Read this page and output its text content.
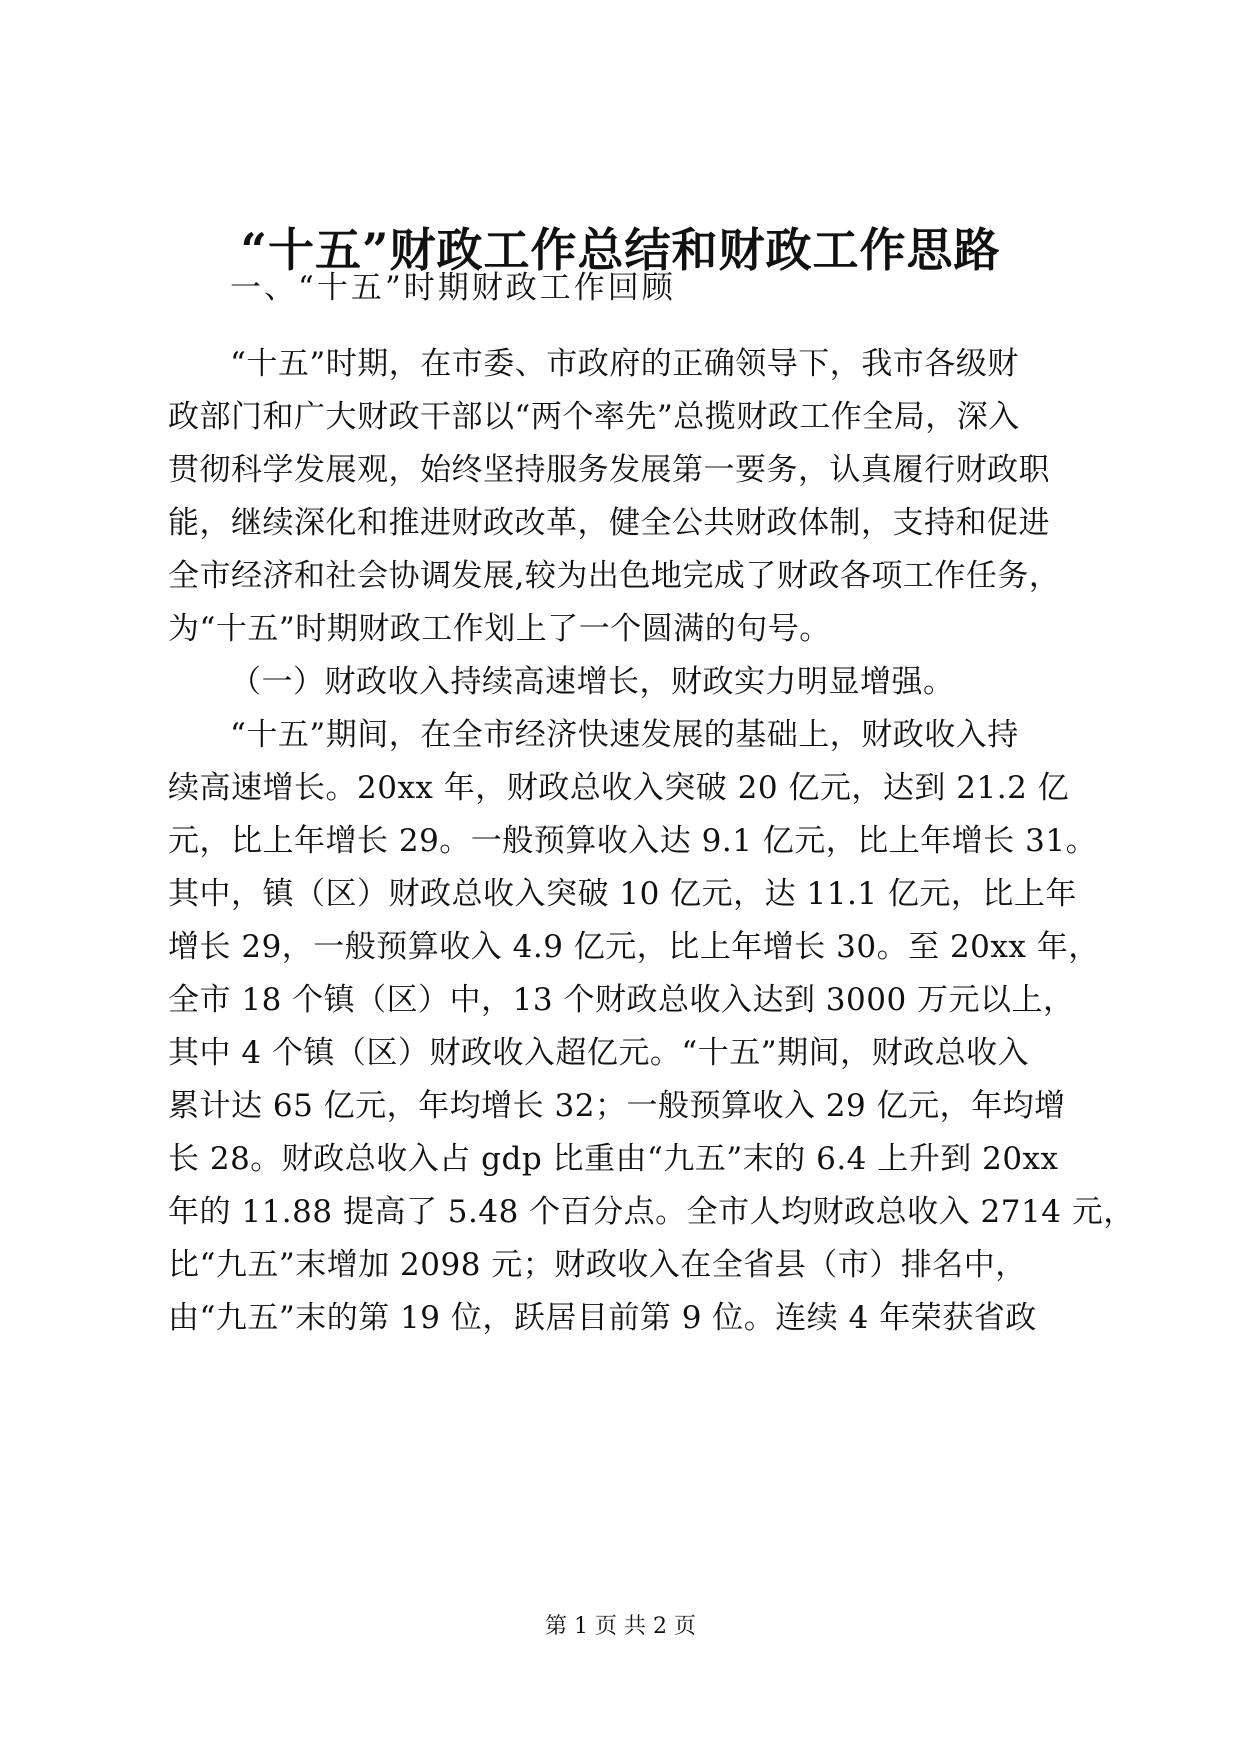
“十五”财政工作总结和财政工作思路

一、“十五”时期财政工作回顾

“十五”时期，在市委、市政府的正确领导下，我市各级财

政部门和广大财政干部以“两个率先”总揽财政工作全局，深入

贯彻科学发展观，始终坚持服务发展第一要务，认真履行财政职

能，继续深化和推进财政改革，健全公共财政体制，支持和促进

全市经济和社会协调发展,较为出色地完成了财政各项工作任务，

为“十五”时期财政工作划上了一个圆满的句号。

（一）财政收入持续高速增长，财政实力明显增强。

“十五”期间，在全市经济快速发展的基础上，财政收入持

续高速增长。20xx 年，财政总收入突破 20 亿元，达到 21.2 亿

元，比上年增长 29。一般预算收入达 9.1 亿元，比上年增长 31。

其中，镇（区）财政总收入突破 10 亿元，达 11.1 亿元，比上年

增长 29，一般预算收入 4.9 亿元，比上年增长 30。至 20xx 年，

全市 18 个镇（区）中，13 个财政总收入达到 3000 万元以上，

其中 4 个镇（区）财政收入超亿元。“十五”期间，财政总收入

累计达 65 亿元，年均增长 32；一般预算收入 29 亿元，年均增

长 28。财政总收入占 gdp 比重由“九五”末的 6.4 上升到 20xx

年的 11.88 提高了 5.48 个百分点。全市人均财政总收入 2714 元，

比“九五”末增加 2098 元；财政收入在全省县（市）排名中，

由“九五”末的第 19 位，跃居目前第 9 位。连续 4 年荣获省政

第 1 页 共 2 页
